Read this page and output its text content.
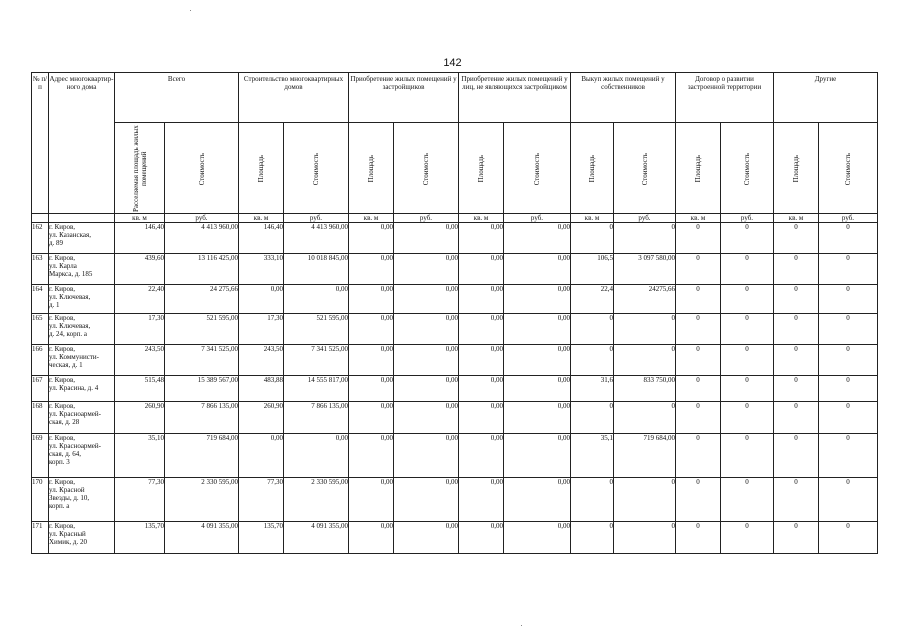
142
№ п/п	Адрес многоквартир-ного дома	Всего		Строительство многоквартирных домов		Приобретение жилых помещений у застройщиков		Приобретение жилых помещений у лиц, не являющихся застройщиком		Выкуп жилых помещений у собственников		Договор о развитии застроенной территории		Другие	

		Расселяемая площадь жилых помещений	Стоимость	Площадь	Стоимость	Площадь	Стоимость	Площадь	Стоимость	Площадь	Стоимость	Площадь	Стоимость	Площадь	Стоимость

		кв. м	руб.	кв. м	руб.	кв. м	руб.	кв. м	руб.	кв. м	руб.	кв. м	руб.	кв. м	руб.
162	г. Киров,
ул. Казанская,
д. 89	146,40	4 413 960,00	146,40	4 413 960,00	0,00	0,00	0,00	0,00	0	0	0	0	0	0
163	г. Киров,
ул. Карла
Маркса, д. 185	439,60	13 116 425,00	333,10	10 018 845,00	0,00	0,00	0,00	0,00	106,5	3 097 580,00	0	0	0	0
164	г. Киров,
ул. Ключевая,
д. 1	22,40	24 275,66	0,00	0,00	0,00	0,00	0,00	0,00	22,4	24275,66	0	0	0	0
165	г. Киров,
ул. Ключевая,
д. 24, корп. а	17,30	521 595,00	17,30	521 595,00	0,00	0,00	0,00	0,00	0	0	0	0	0	0
166	г. Киров,
ул. Коммунисти-
ческая, д. 1	243,50	7 341 525,00	243,50	7 341 525,00	0,00	0,00	0,00	0,00	0	0	0	0	0	0
167	г. Киров,
ул. Красина, д. 4	515,48	15 389 567,00	483,88	14 555 817,00	0,00	0,00	0,00	0,00	31,6	833 750,00	0	0	0	0
168	г. Киров,
ул. Красноармей-
ская, д. 28	260,90	7 866 135,00	260,90	7 866 135,00	0,00	0,00	0,00	0,00	0	0	0	0	0	0
169	г. Киров,
ул. Красноармей-
ская, д. 64,
корп. 3	35,10	719 684,00	0,00	0,00	0,00	0,00	0,00	0,00	35,1	719 684,00	0	0	0	0
170	г. Киров,
ул. Красной
Звезды, д. 10,
корп. а	77,30	2 330 595,00	77,30	2 330 595,00	0,00	0,00	0,00	0,00	0	0	0	0	0	0
171	г. Киров,
ул. Красный
Химик, д. 20	135,70	4 091 355,00	135,70	4 091 355,00	0,00	0,00	0,00	0,00	0	0	0	0	0	0
